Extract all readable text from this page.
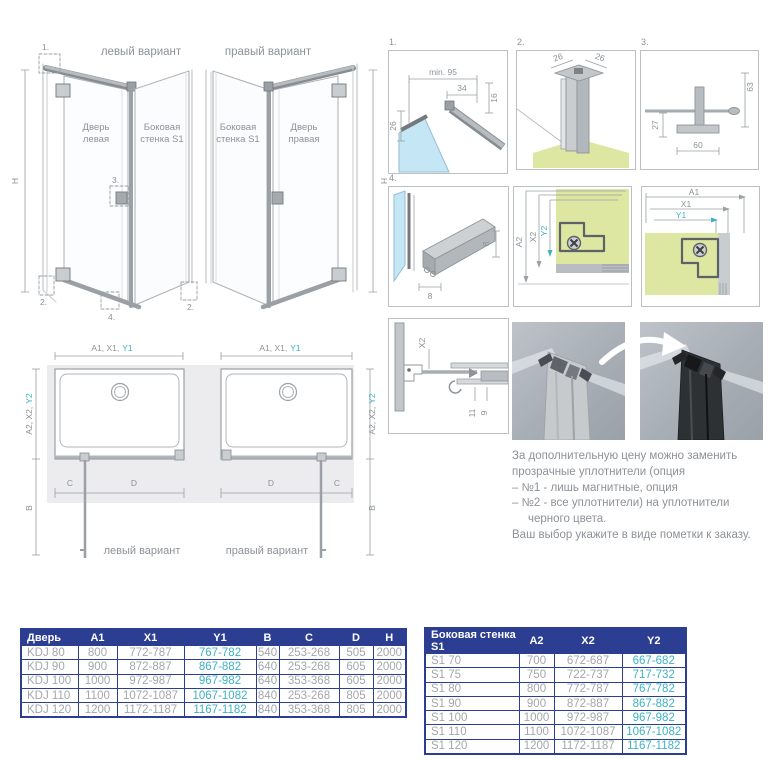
левый вариант	правый вариант
H
1.
2.
3.
4.
2.
Дверь
левая
Боковая
стенка S1
H
Боковая
стенка S1
Дверь
правая
1.
min. 95
34
16
26
2.
26	26
3.
63
27
60
4.
8
8	A2 X2
Y2
A1
X1
Y1
X2
11 9
За дополнительную цену можно заменить
прозрачные уплотнители (опция
– №1 - лишь магнитные, опция
– №2 - все уплотнители) на уплотнители
черного цвета.
Ваш выбор укажите в виде пометки к заказу.
A1, X1, Y1	A1, X1, Y1
A2, X2,Y2
B
A2, X2,Y2
B
C	D	D	C
левый вариант	правый вариант
Дверь	A1	X1	Y1	B	C	D	H
KDJ 80	800	772-787	767-782	540	253-268	505	2000
KDJ 90	900	872-887	867-882	640	253-268	605	2000
KDJ 100	1000	972-987	967-982	640	353-368	605	2000
KDJ 110	1100	1072-1087	1067-1082	840	253-268	805	2000
KDJ 120	1200	1172-1187	1167-1182	840	353-368	805	2000
Боковая стенка S1	A2	X2	Y2
S1 70	700	672-687	667-682
S1 75	750	722-737	717-732
S1 80	800	772-787	767-782
S1 90	900	872-887	867-882
S1 100	1000	972-987	967-982
S1 110	1100	1072-1087	1067-1082
S1 120	1200	1172-1187	1167-1182
